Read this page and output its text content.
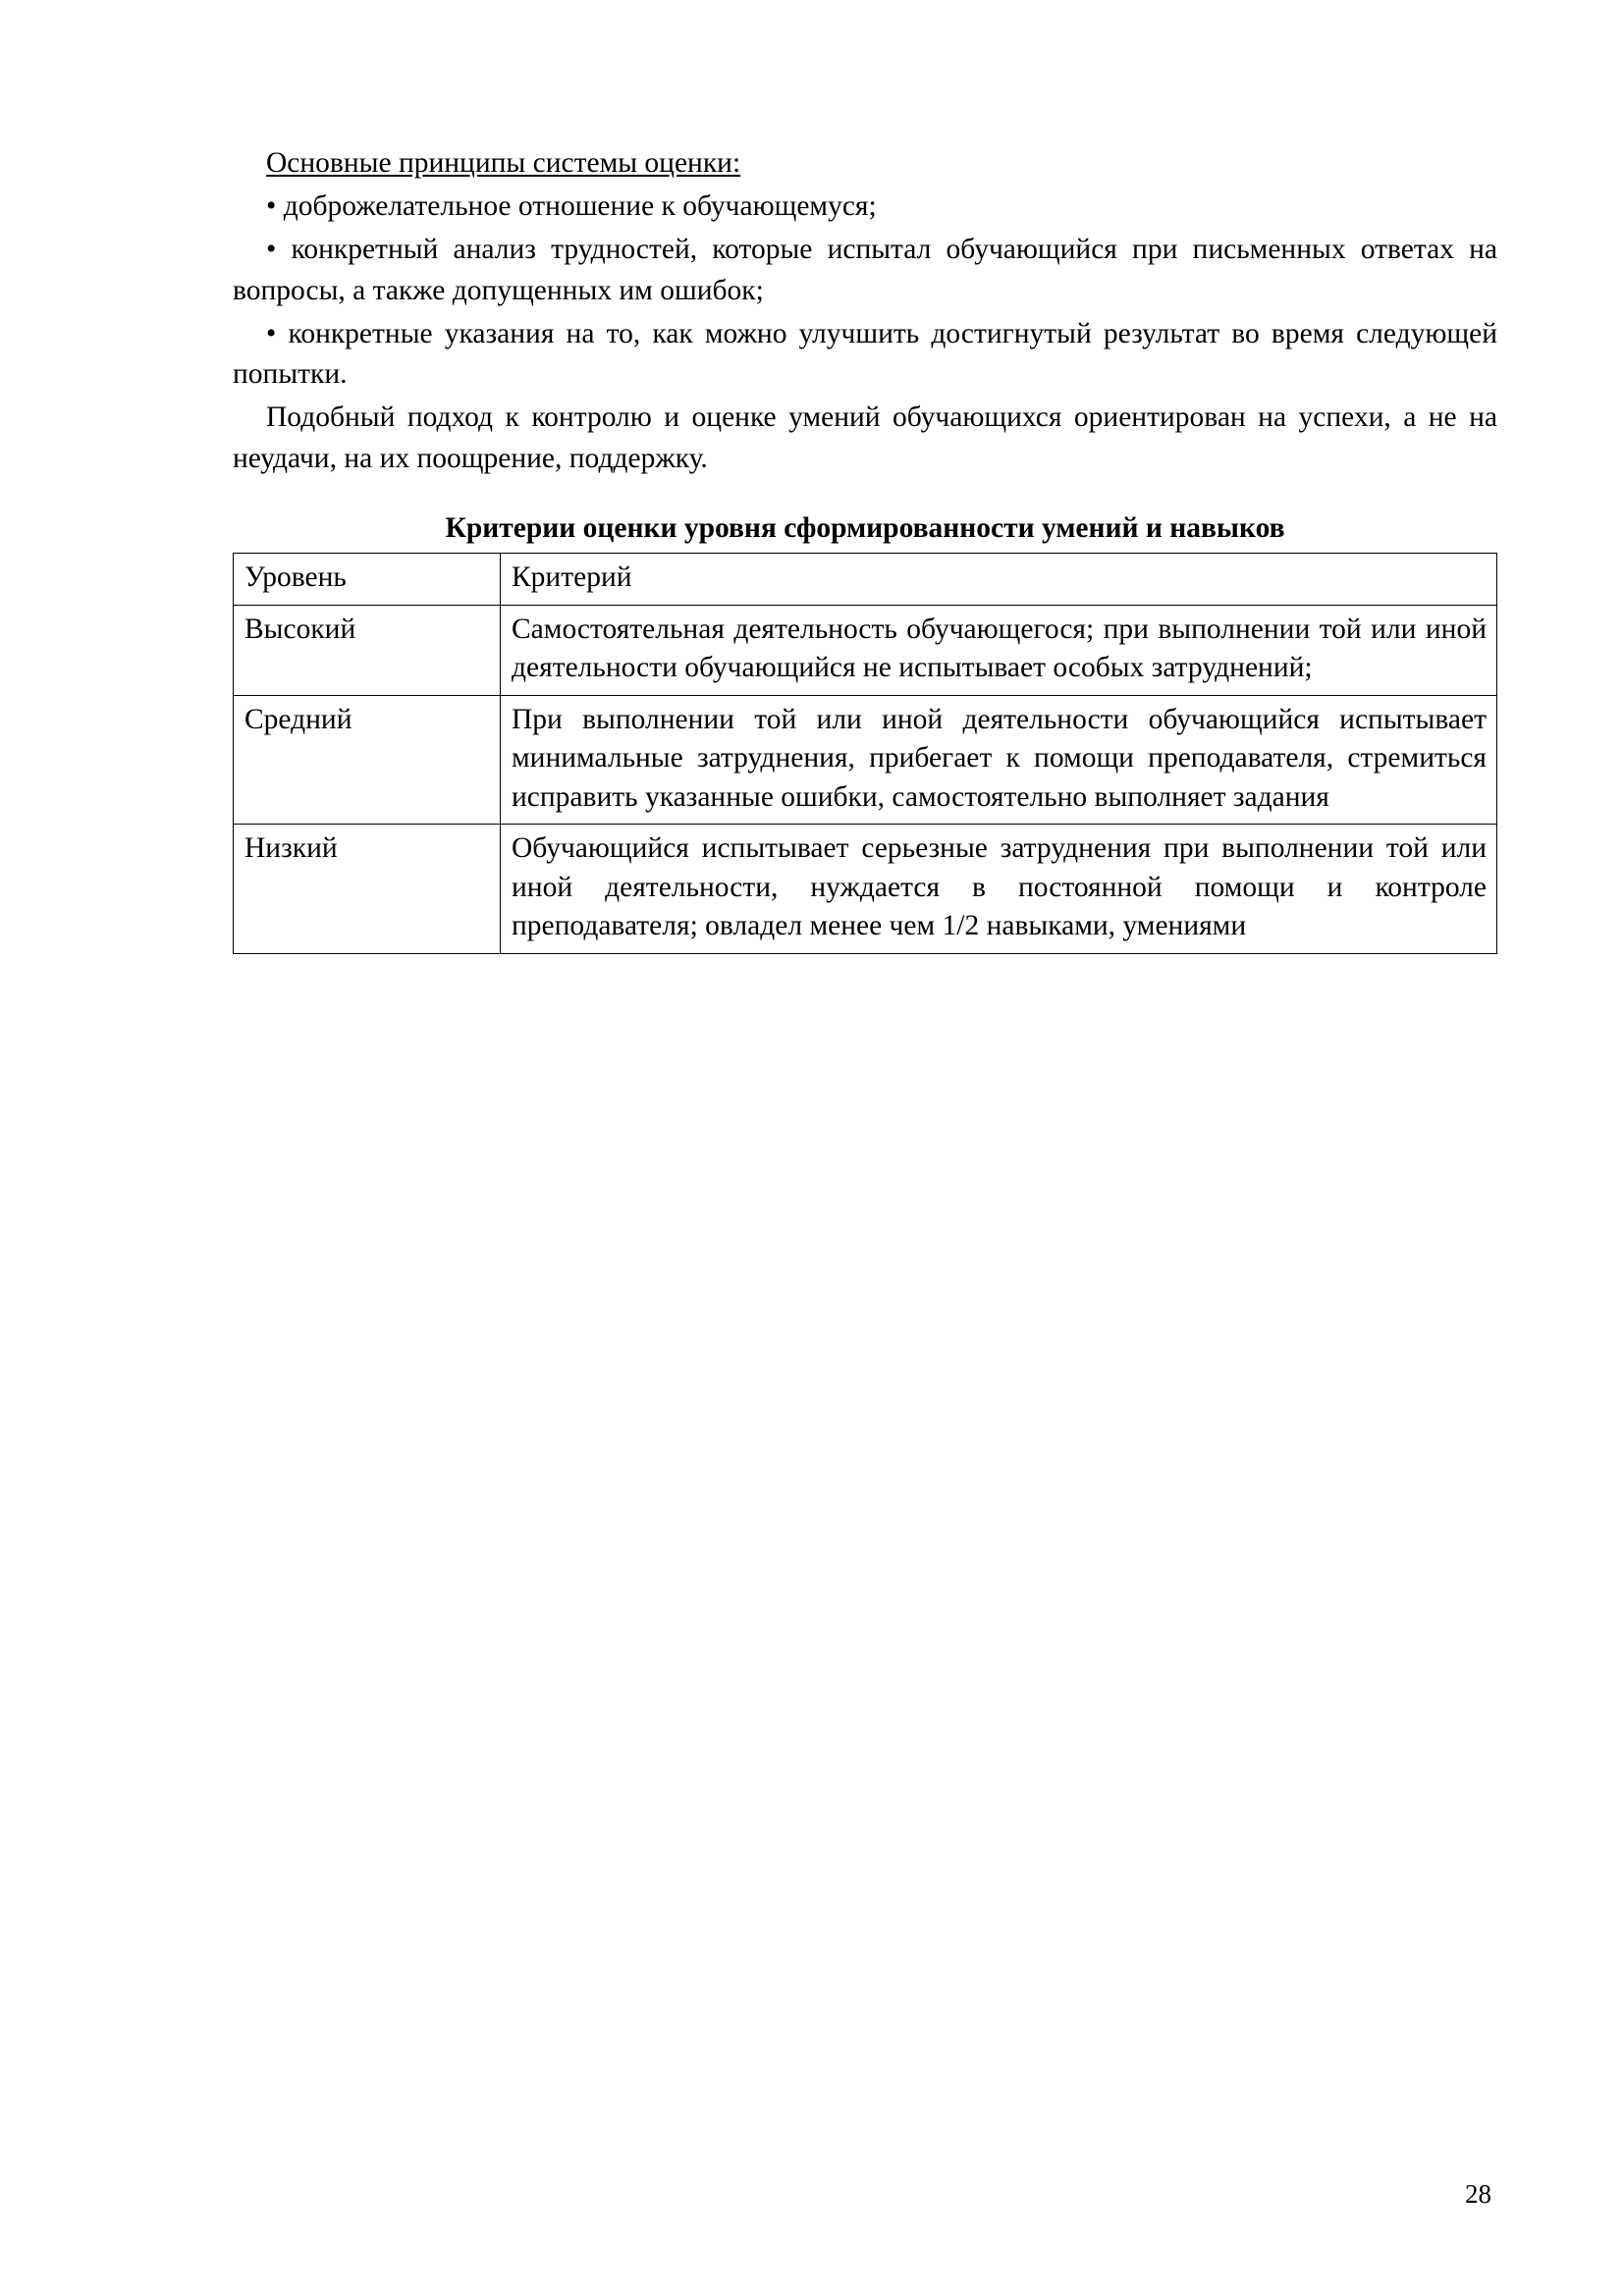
Основные принципы системы оценки:

• доброжелательное отношение к обучающемуся;

• конкретный анализ трудностей, которые испытал обучающийся при письменных ответах на вопросы, а также допущенных им ошибок;

• конкретные указания на то, как можно улучшить достигнутый результат во время следующей попытки.

Подобный подход к контролю и оценке умений обучающихся ориентирован на успехи, а не на неудачи, на их поощрение, поддержку.

Критерии оценки уровня сформированности умений и навыков
Уровень	Критерий
Высокий	Самостоятельная деятельность обучающегося; при выполнении той или иной деятельности обучающийся не испытывает особых затруднений;
Средний	При выполнении той или иной деятельности обучающийся испытывает минимальные затруднения, прибегает к помощи преподавателя, стремиться исправить указанные ошибки, самостоятельно выполняет задания
Низкий	Обучающийся испытывает серьезные затруднения при выполнении той или иной деятельности, нуждается в постоянной помощи и контроле преподавателя; овладел менее чем 1/2 навыками, умениями
28
